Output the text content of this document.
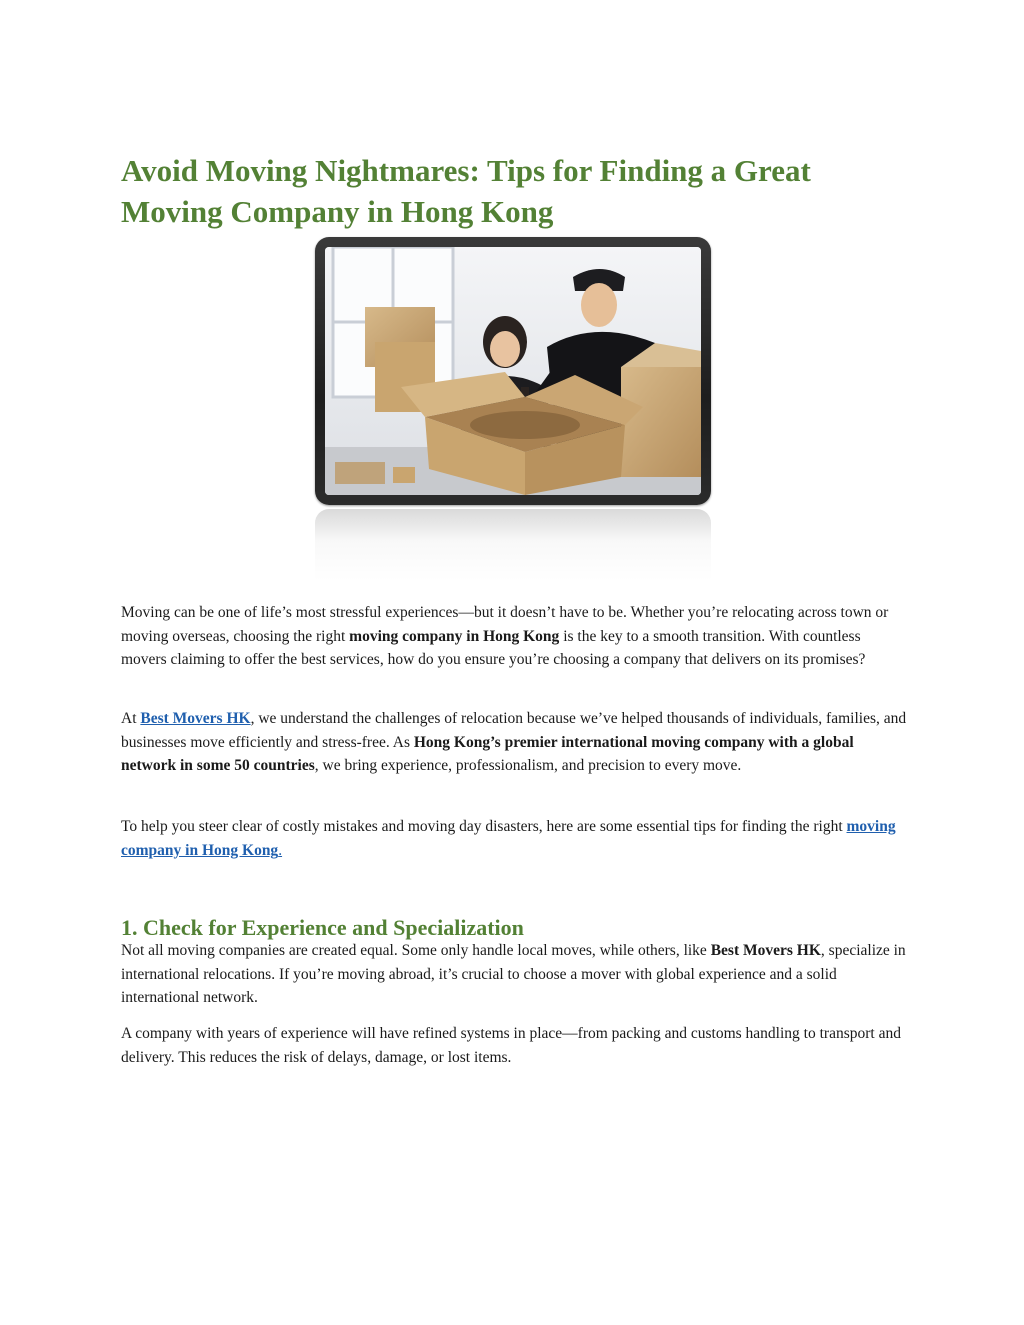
Avoid Moving Nightmares: Tips for Finding a Great Moving Company in Hong Kong

Moving can be one of life’s most stressful experiences—but it doesn’t have to be. Whether you’re relocating across town or moving overseas, choosing the right moving company in Hong Kong is the key to a smooth transition. With countless movers claiming to offer the best services, how do you ensure you’re choosing a company that delivers on its promises?

At Best Movers HK, we understand the challenges of relocation because we’ve helped thousands of individuals, families, and businesses move efficiently and stress-free. As Hong Kong’s premier international moving company with a global network in some 50 countries, we bring experience, professionalism, and precision to every move.

To help you steer clear of costly mistakes and moving day disasters, here are some essential tips for finding the right moving company in Hong Kong.

1. Check for Experience and Specialization

Not all moving companies are created equal. Some only handle local moves, while others, like Best Movers HK, specialize in international relocations. If you’re moving abroad, it’s crucial to choose a mover with global experience and a solid international network.

A company with years of experience will have refined systems in place—from packing and customs handling to transport and delivery. This reduces the risk of delays, damage, or lost items.
